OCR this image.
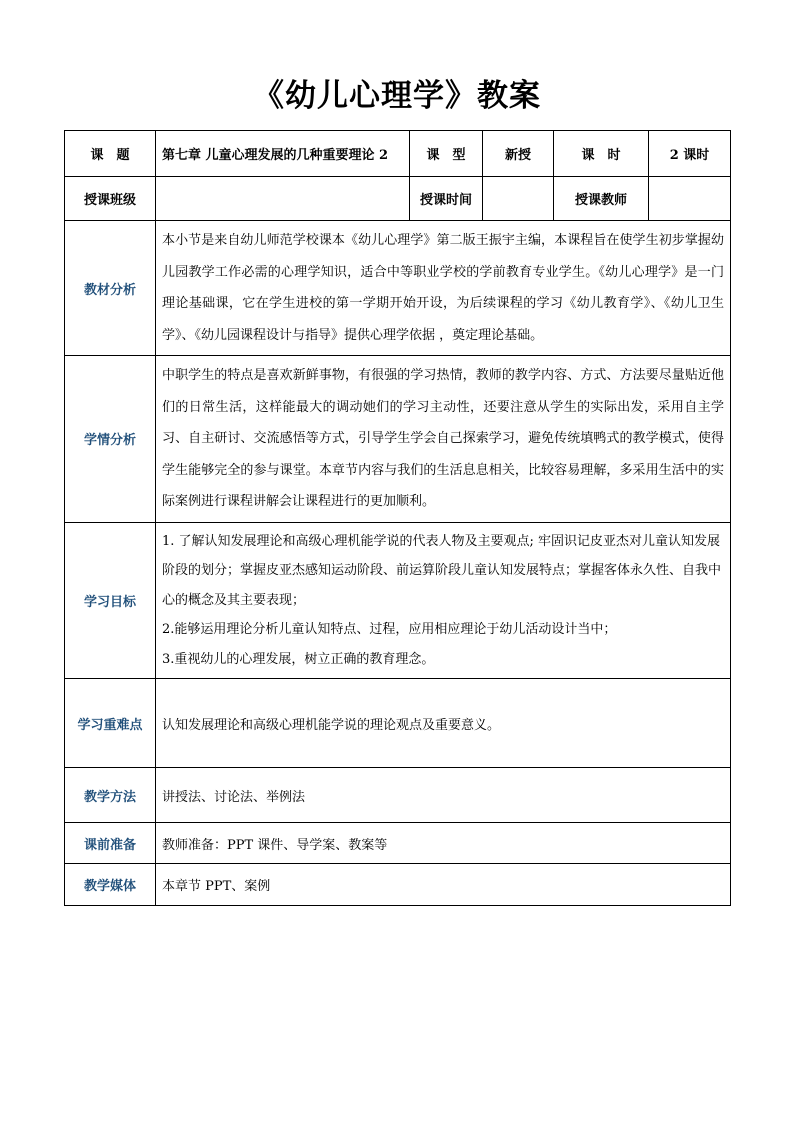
《幼儿心理学》教案
课　题	第七章 儿童心理发展的几种重要理论 2	课　型	新授	课　时	2 课时
授课班级		授课时间		授课教师	
教材分析	本小节是来自幼儿师范学校课本《幼儿心理学》第二版王振宇主编，本课程旨在使学生初步掌握幼儿园教学工作必需的心理学知识，适合中等职业学校的学前教育专业学生。《幼儿心理学》是一门理论基础课，它在学生进校的第一学期开始开设，为后续课程的学习《幼儿教育学》、《幼儿卫生学》、《幼儿园课程设计与指导》提供心理学依据 ，奠定理论基础。				
学情分析	中职学生的特点是喜欢新鲜事物，有很强的学习热情，教师的教学内容、方式、方法要尽量贴近他们的日常生活，这样能最大的调动她们的学习主动性，还要注意从学生的实际出发，采用自主学习、自主研讨、交流感悟等方式，引导学生学会自己探索学习，避免传统填鸭式的教学模式，使得学生能够完全的参与课堂。本章节内容与我们的生活息息相关，比较容易理解，多采用生活中的实际案例进行课程讲解会让课程进行的更加顺利。				
学习目标	1. 了解认知发展理论和高级心理机能学说的代表人物及主要观点; 牢固识记皮亚杰对儿童认知发展阶段的划分；掌握皮亚杰感知运动阶段、前运算阶段儿童认知发展特点；掌握客体永久性、自我中心的概念及其主要表现；
2.能够运用理论分析儿童认知特点、过程，应用相应理论于幼儿活动设计当中；
3.重视幼儿的心理发展，树立正确的教育理念。				

学习重难点	认知发展理论和高级心理机能学说的理论观点及重要意义。				
教学方法	讲授法、讨论法、举例法				
课前准备	教师准备：PPT 课件、导学案、教案等				
教学媒体	本章节 PPT、案例				
